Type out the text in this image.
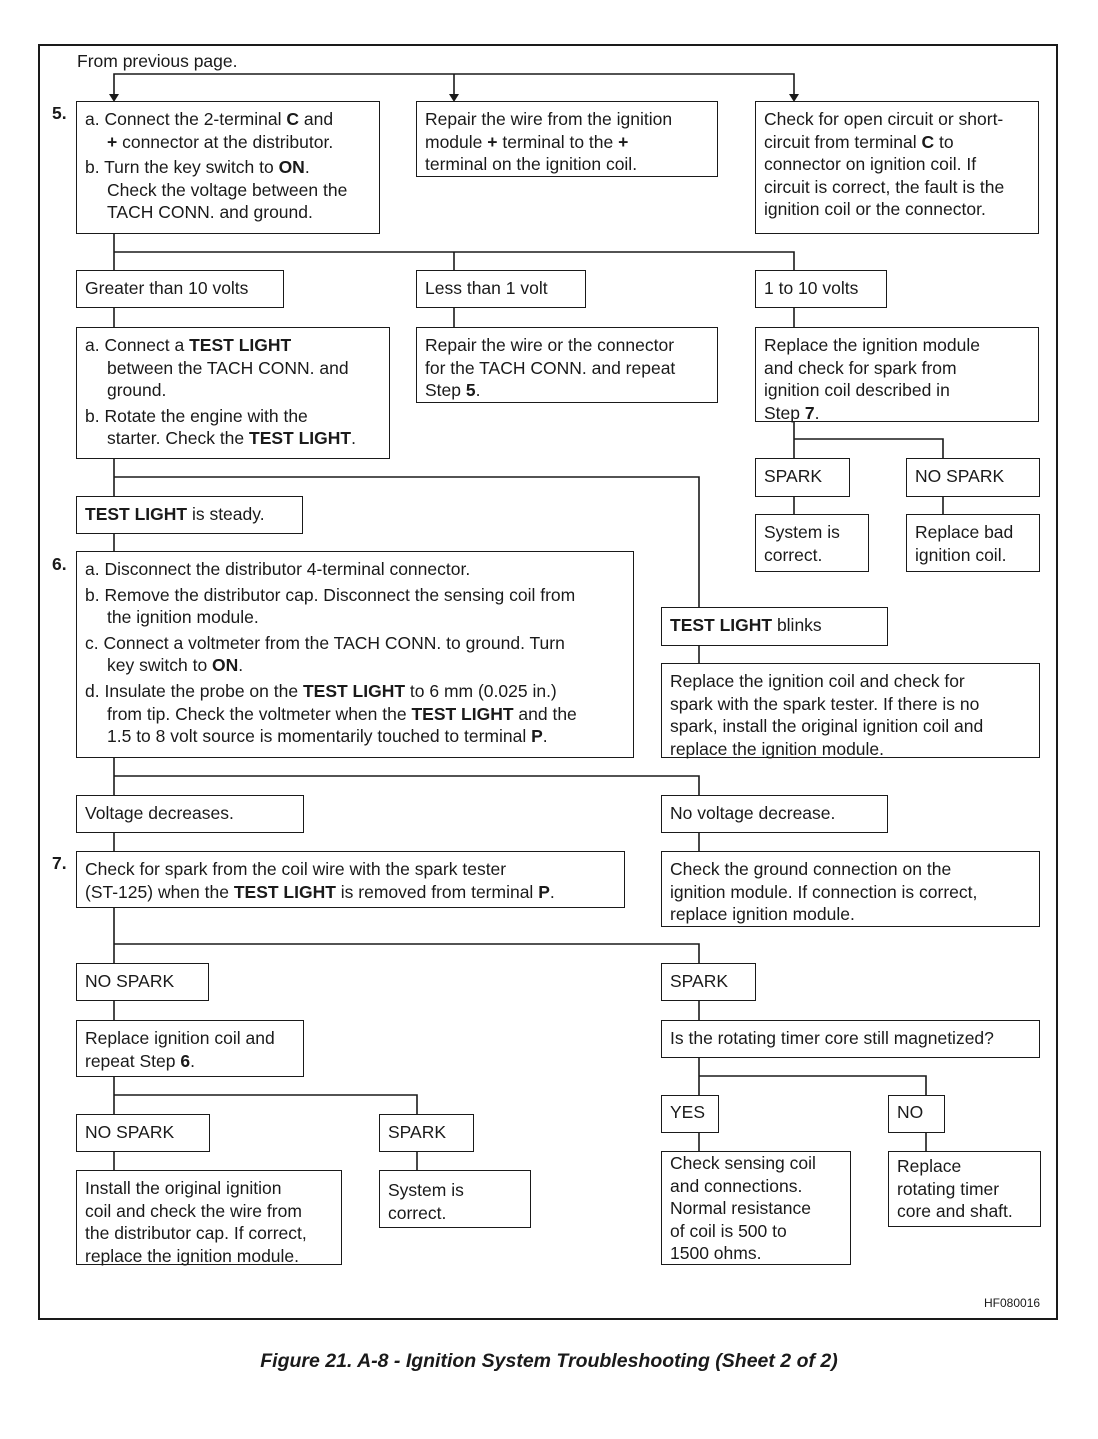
From previous page.
5.
6.
7.
a. Connect the 2-terminal C and
+ connector at the distributor.
b. Turn the key switch to ON.
Check the voltage between the
TACH CONN. and ground.
Repair the wire from the ignition
module + terminal to the +
terminal on the ignition coil.
Check for open circuit or short-
circuit from terminal C to
connector on ignition coil. If
circuit is correct, the fault is the
ignition coil or the connector.
Greater than 10 volts	Less than 1 volt	1 to 10 volts
a. Connect a TEST LIGHT
between the TACH CONN. and
ground.
b. Rotate the engine with the
starter. Check the TEST LIGHT.
Repair the wire or the connector
for the TACH CONN. and repeat
Step 5.
Replace the ignition module
and check for spark from
ignition coil described in
Step 7.
SPARK	NO SPARK
System is
correct.
Replace bad
ignition coil.
TEST LIGHT is steady.
a. Disconnect the distributor 4-terminal connector.
b. Remove the distributor cap. Disconnect the sensing coil from
the ignition module.
c. Connect a voltmeter from the TACH CONN. to ground. Turn
key switch to ON.
d. Insulate the probe on the TEST LIGHT to 6 mm (0.025 in.)
from tip. Check the voltmeter when the TEST LIGHT and the
1.5 to 8 volt source is momentarily touched to terminal P.
TEST LIGHT blinks
Replace the ignition coil and check for
spark with the spark tester. If there is no
spark, install the original ignition coil and
replace the ignition module.
Voltage decreases.	No voltage decrease.
Check for spark from the coil wire with the spark tester
(ST-125) when the TEST LIGHT is removed from terminal P.
Check the ground connection on the
ignition module. If connection is correct,
replace ignition module.
NO SPARK	SPARK
Replace ignition coil and
repeat Step 6.
Is the rotating timer core still magnetized?
NO SPARK	SPARK
Install the original ignition
coil and check the wire from
the distributor cap. If correct,
replace the ignition module.
System is
correct.
YES	NO
Check sensing coil
and connections.
Normal resistance
of coil is 500 to
1500 ohms.
Replace
rotating timer
core and shaft.
HF080016
Figure 21. A-8 - Ignition System Troubleshooting (Sheet 2 of 2)
